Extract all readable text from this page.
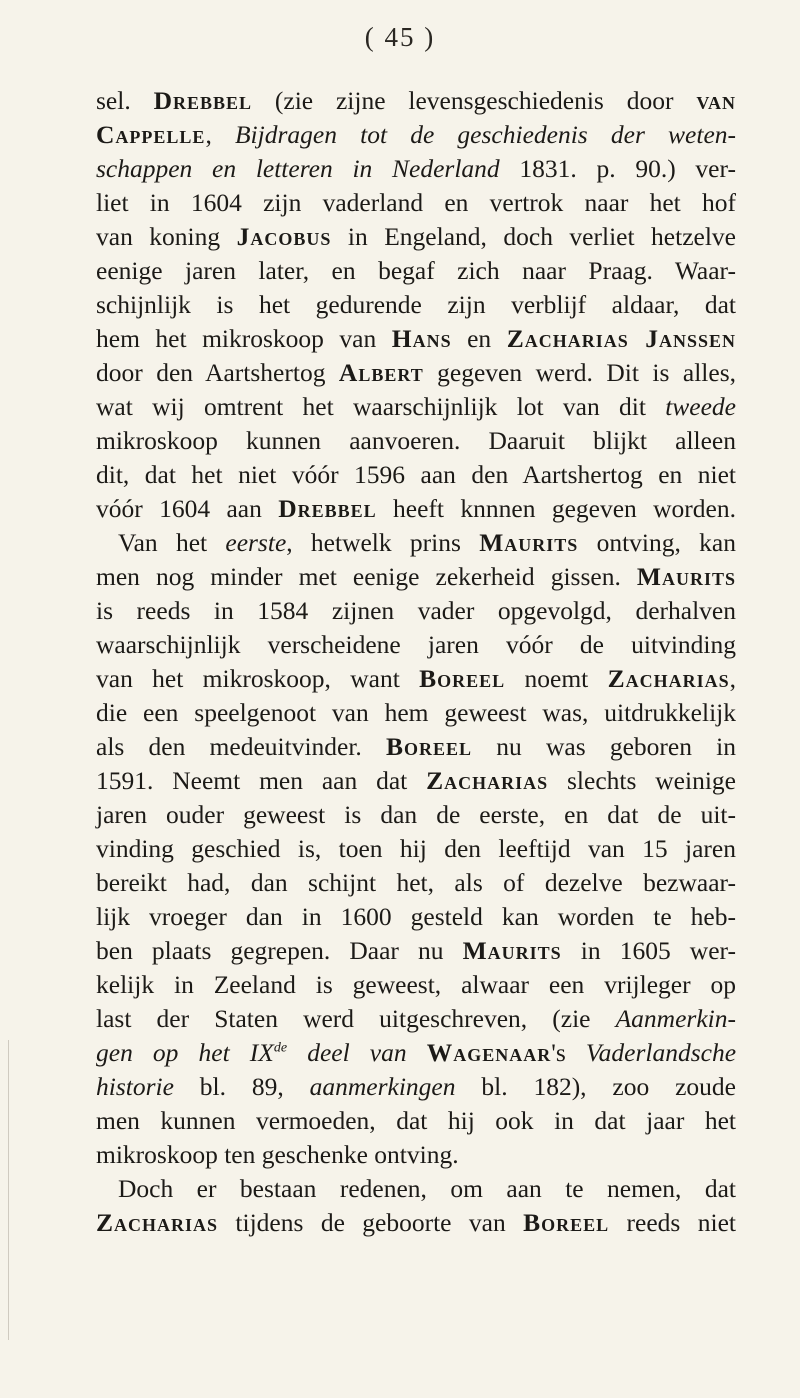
( 45 )
sel. Drebbel (zie zijne levensgeschiedenis door van
Cappelle, Bijdragen tot de geschiedenis der weten-
schappen en letteren in Nederland 1831. p. 90.) ver-
liet in 1604 zijn vaderland en vertrok naar het hof
van koning Jacobus in Engeland, doch verliet hetzelve
eenige jaren later, en begaf zich naar Praag. Waar-
schijnlijk is het gedurende zijn verblijf aldaar, dat
hem het mikroskoop van Hans en Zacharias Janssen
door den Aartshertog Albert gegeven werd. Dit is alles,
wat wij omtrent het waarschijnlijk lot van dit tweede
mikroskoop kunnen aanvoeren. Daaruit blijkt alleen
dit, dat het niet vóór 1596 aan den Aartshertog en niet
vóór 1604 aan Drebbel heeft knnnen gegeven worden.
Van het eerste, hetwelk prins Maurits ontving, kan
men nog minder met eenige zekerheid gissen. Maurits
is reeds in 1584 zijnen vader opgevolgd, derhalven
waarschijnlijk verscheidene jaren vóór de uitvinding
van het mikroskoop, want Boreel noemt Zacharias,
die een speelgenoot van hem geweest was, uitdrukkelijk
als den medeuitvinder. Boreel nu was geboren in
1591. Neemt men aan dat Zacharias slechts weinige
jaren ouder geweest is dan de eerste, en dat de uit-
vinding geschied is, toen hij den leeftijd van 15 jaren
bereikt had, dan schijnt het, als of dezelve bezwaar-
lijk vroeger dan in 1600 gesteld kan worden te heb-
ben plaats gegrepen. Daar nu Maurits in 1605 wer-
kelijk in Zeeland is geweest, alwaar een vrijleger op
last der Staten werd uitgeschreven, (zie Aanmerkin-
gen op het IXde deel van Wagenaar's Vaderlandsche
historie bl. 89, aanmerkingen bl. 182), zoo zoude
men kunnen vermoeden, dat hij ook in dat jaar het
mikroskoop ten geschenke ontving.
Doch er bestaan redenen, om aan te nemen, dat
Zacharias tijdens de geboorte van Boreel reeds niet
